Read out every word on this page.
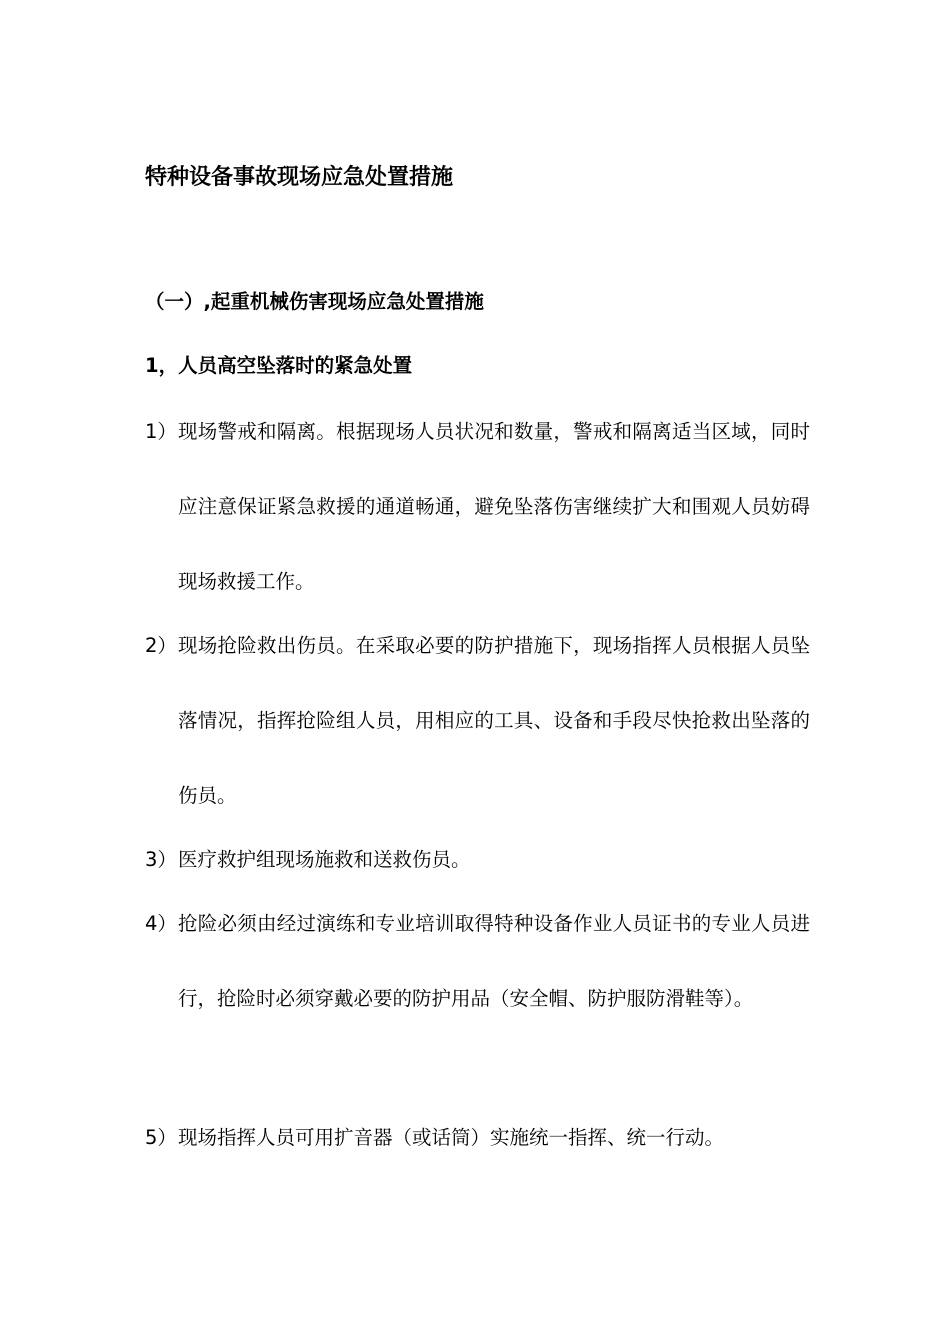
特种设备事故现场应急处置措施
（一）,起重机械伤害现场应急处置措施
1，人员高空坠落时的紧急处置
1） 现场警戒和隔离。根据现场人员状况和数量，警戒和隔离适当区域，同时应注意保证紧急救援的通道畅通，避免坠落伤害继续扩大和围观人员妨碍现场救援工作。
2） 现场抢险救出伤员。在采取必要的防护措施下，现场指挥人员根据人员坠落情况，指挥抢险组人员，用相应的工具、设备和手段尽快抢救出坠落的伤员。
3） 医疗救护组现场施救和送救伤员。
4） 抢险必须由经过演练和专业培训取得特种设备作业人员证书的专业人员进行，抢险时必须穿戴必要的防护用品（安全帽、防护服防滑鞋等）。
5） 现场指挥人员可用扩音器（或话筒）实施统一指挥、统一行动。
